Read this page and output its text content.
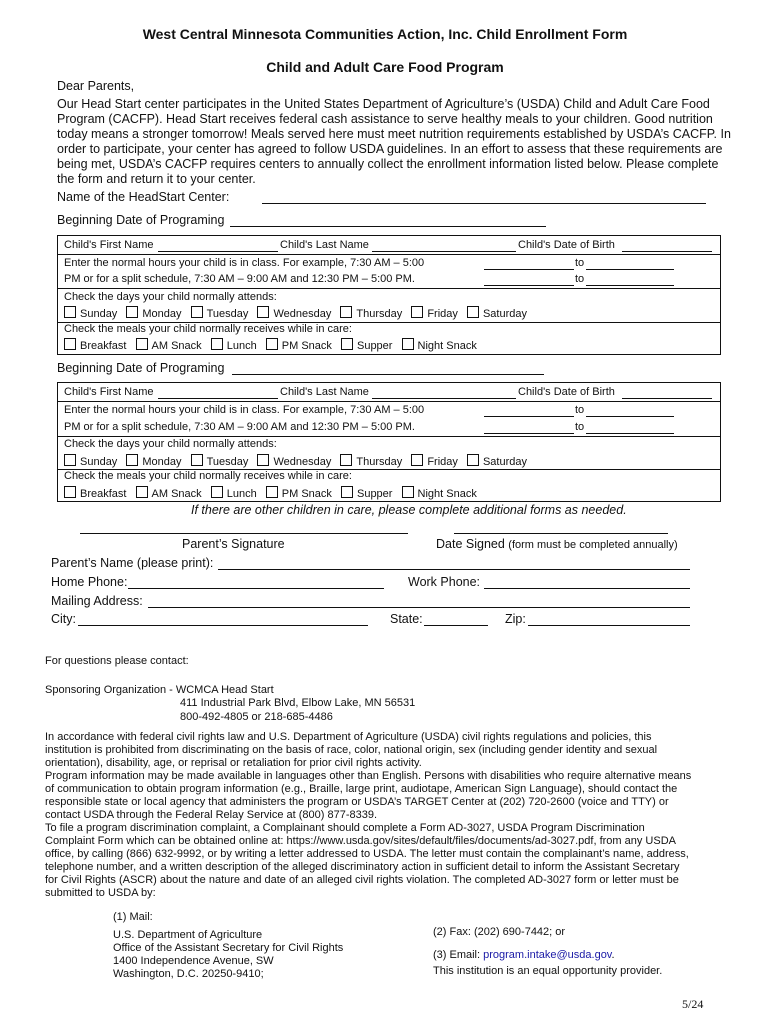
West Central Minnesota Communities Action, Inc. Child Enrollment Form
Child and Adult Care Food Program
Dear Parents,
Our Head Start center participates in the United States Department of Agriculture’s (USDA) Child and Adult Care Food
Program (CACFP). Head Start receives federal cash assistance to serve healthy meals to your children. Good nutrition
today means a stronger tomorrow! Meals served here must meet nutrition requirements established by USDA’s CACFP. In
order to participate, your center has agreed to follow USDA guidelines. In an effort to assess that these requirements are
being met, USDA’s CACFP requires centers to annually collect the enrollment information listed below. Please complete
the form and return it to your center.
Name of the HeadStart Center:
Beginning Date of Programing
Child's First Name	Child's Last Name	Child's Date of Birth
Enter the normal hours your child is in class. For example, 7:30 AM – 5:00	to
PM or for a split schedule, 7:30 AM – 9:00 AM and 12:30 PM – 5:00 PM.	to
Check the days your child normally attends:
Sunday Monday Tuesday Wednesday Thursday Friday Saturday
Check the meals your child normally receives while in care:
Breakfast AM Snack Lunch PM Snack Supper Night Snack
Beginning Date of Programing
Child's First Name	Child's Last Name	Child's Date of Birth
Enter the normal hours your child is in class. For example, 7:30 AM – 5:00	to
PM or for a split schedule, 7:30 AM – 9:00 AM and 12:30 PM – 5:00 PM.	to
Check the days your child normally attends:
Sunday Monday Tuesday Wednesday Thursday Friday Saturday
Check the meals your child normally receives while in care:
Breakfast AM Snack Lunch PM Snack Supper Night Snack
If there are other children in care, please complete additional forms as needed.
Parent’s Signature	Date Signed (form must be completed annually)
Parent’s Name (please print):
Home Phone:	Work Phone:
Mailing Address:
City:	State:	Zip:
For questions please contact:
Sponsoring Organization - WCMCA Head Start
411 Industrial Park Blvd, Elbow Lake, MN 56531
800-492-4805 or 218-685-4486
In accordance with federal civil rights law and U.S. Department of Agriculture (USDA) civil rights regulations and policies, this
institution is prohibited from discriminating on the basis of race, color, national origin, sex (including gender identity and sexual
orientation), disability, age, or reprisal or retaliation for prior civil rights activity.
Program information may be made available in languages other than English. Persons with disabilities who require alternative means
of communication to obtain program information (e.g., Braille, large print, audiotape, American Sign Language), should contact the
responsible state or local agency that administers the program or USDA’s TARGET Center at (202) 720-2600 (voice and TTY) or
contact USDA through the Federal Relay Service at (800) 877-8339.
To file a program discrimination complaint, a Complainant should complete a Form AD-3027, USDA Program Discrimination
Complaint Form which can be obtained online at: https://www.usda.gov/sites/default/files/documents/ad-3027.pdf, from any USDA
office, by calling (866) 632-9992, or by writing a letter addressed to USDA. The letter must contain the complainant’s name, address,
telephone number, and a written description of the alleged discriminatory action in sufficient detail to inform the Assistant Secretary
for Civil Rights (ASCR) about the nature and date of an alleged civil rights violation. The completed AD-3027 form or letter must be
submitted to USDA by:
(1) Mail:
U.S. Department of Agriculture
Office of the Assistant Secretary for Civil Rights
1400 Independence Avenue, SW
Washington, D.C. 20250-9410;
(2) Fax: (202) 690-7442; or
(3) Email: program.intake@usda.gov.
This institution is an equal opportunity provider.
5/24
